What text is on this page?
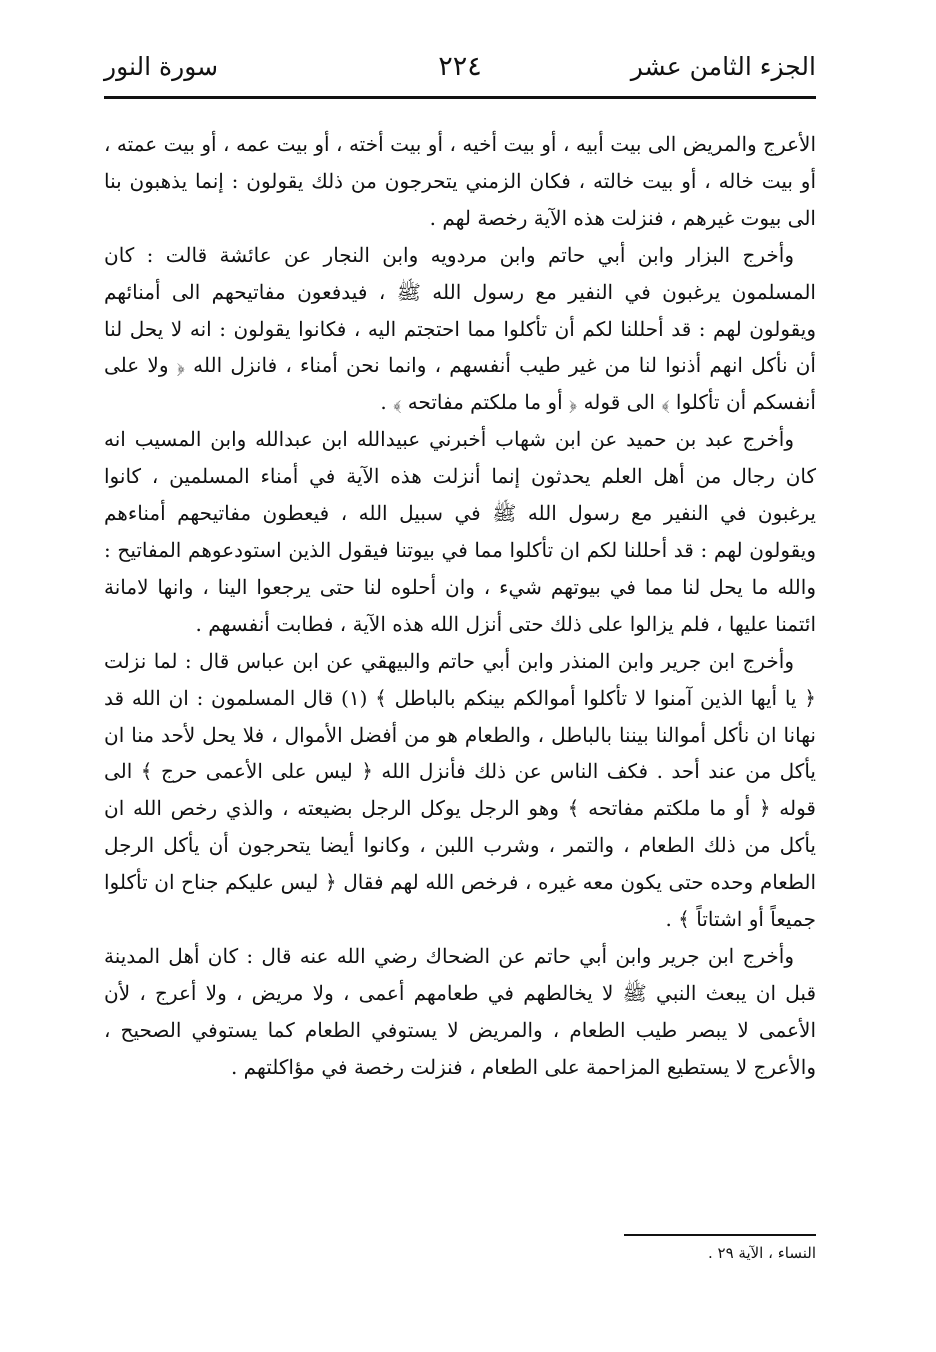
الجزء الثامن عشر
٢٢٤
سورة النور

الأعرج والمريض الى بيت أبيه ، أو بيت أخيه ، أو بيت أخته ، أو بيت عمه ، أو بيت عمته ، أو بيت خاله ، أو بيت خالته ، فكان الزمني يتحرجون من ذلك يقولون : إنما يذهبون بنا الى بيوت غيرهم ، فنزلت هذه الآية رخصة لهم .

وأخرج البزار وابن أبي حاتم وابن مردويه وابن النجار عن عائشة قالت : كان المسلمون يرغبون في النفير مع رسول الله ﷺ ، فيدفعون مفاتيحهم الى أمنائهم ويقولون لهم : قد أحللنا لكم أن تأكلوا مما احتجتم اليه ، فكانوا يقولون : انه لا يحل لنا أن نأكل انهم أذنوا لنا من غير طيب أنفسهم ، وانما نحن أمناء ، فانزل الله ﴿ ولا على أنفسكم أن تأكلوا ﴾ الى قوله ﴿ أو ما ملكتم مفاتحه ﴾ .

وأخرج عبد بن حميد عن ابن شهاب أخبرني عبيدالله ابن عبدالله وابن المسيب انه كان رجال من أهل العلم يحدثون إنما أنزلت هذه الآية في أمناء المسلمين ، كانوا يرغبون في النفير مع رسول الله ﷺ في سبيل الله ، فيعطون مفاتيحهم أمناءهم ويقولون لهم : قد أحللنا لكم ان تأكلوا مما في بيوتنا فيقول الذين استودعوهم المفاتيح : والله ما يحل لنا مما في بيوتهم شيء ، وان أحلوه لنا حتى يرجعوا الينا ، وانها لامانة ائتمنا عليها ، فلم يزالوا على ذلك حتى أنزل الله هذه الآية ، فطابت أنفسهم .

وأخرج ابن جرير وابن المنذر وابن أبي حاتم والبيهقي عن ابن عباس قال : لما نزلت ﴿ يا أيها الذين آمنوا لا تأكلوا أموالكم بينكم بالباطل ﴾ (١) قال المسلمون : ان الله قد نهانا ان نأكل أموالنا بيننا بالباطل ، والطعام هو من أفضل الأموال ، فلا يحل لأحد منا ان يأكل من عند أحد . فكف الناس عن ذلك فأنزل الله ﴿ ليس على الأعمى حرج ﴾ الى قوله ﴿ أو ما ملكتم مفاتحه ﴾ وهو الرجل يوكل الرجل بضيعته ، والذي رخص الله ان يأكل من ذلك الطعام ، والتمر ، وشرب اللبن ، وكانوا أيضا يتحرجون أن يأكل الرجل الطعام وحده حتى يكون معه غيره ، فرخص الله لهم فقال ﴿ ليس عليكم جناح ان تأكلوا جميعاً أو اشتاتاً ﴾ .

وأخرج ابن جرير وابن أبي حاتم عن الضحاك رضي الله عنه قال : كان أهل المدينة قبل ان يبعث النبي ﷺ لا يخالطهم في طعامهم أعمى ، ولا مريض ، ولا أعرج ، لأن الأعمى لا يبصر طيب الطعام ، والمريض لا يستوفي الطعام كما يستوفي الصحيح ، والأعرج لا يستطيع المزاحمة على الطعام ، فنزلت رخصة في مؤاكلتهم .

النساء ، الآية ٢٩ .
